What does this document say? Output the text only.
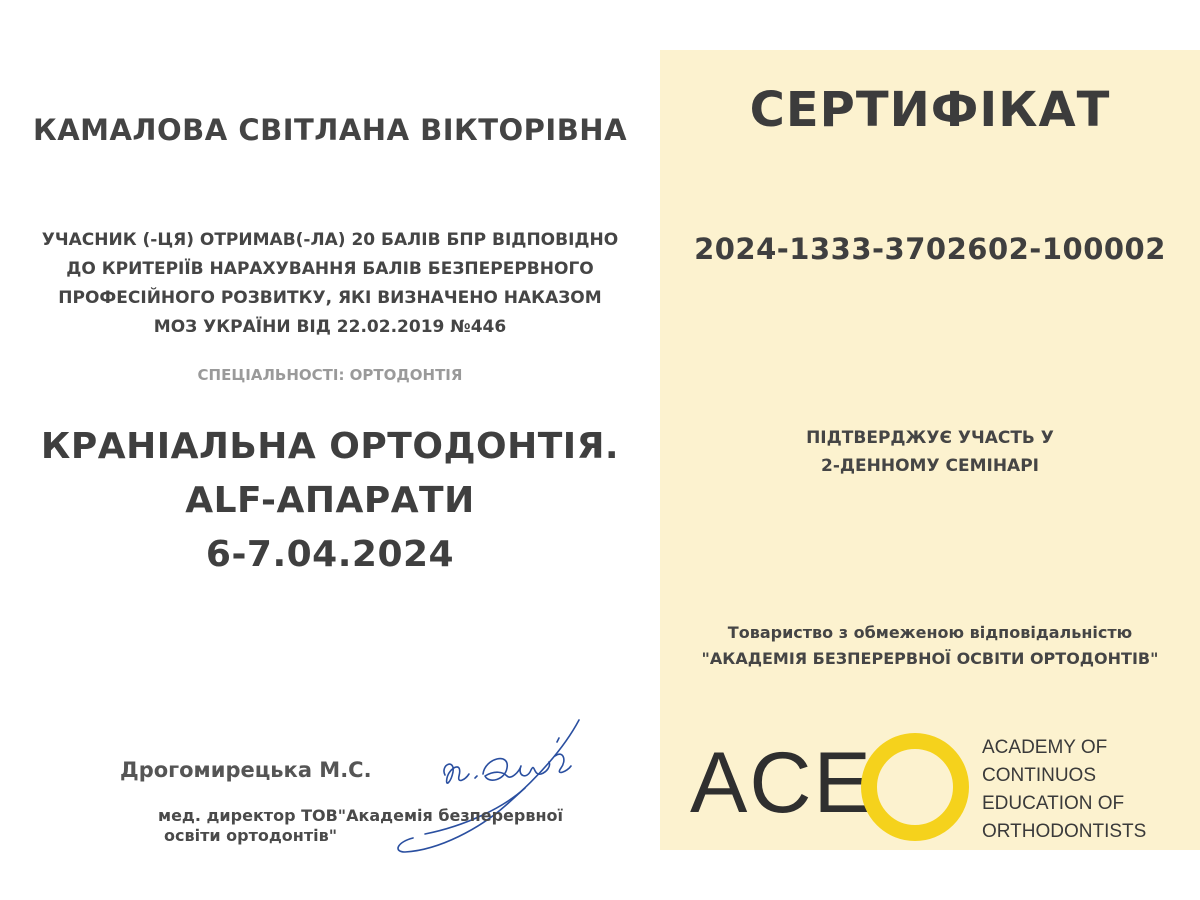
КАМАЛОВА СВІТЛАНА ВІКТОРІВНА
УЧАСНИК (-ЦЯ) ОТРИМАВ(-ЛА) 20 БАЛІВ БПР ВІДПОВІДНО
ДО КРИТЕРІЇВ НАРАХУВАННЯ БАЛІВ БЕЗПЕРЕРВНОГО
ПРОФЕСІЙНОГО РОЗВИТКУ, ЯКІ ВИЗНАЧЕНО НАКАЗОМ
МОЗ УКРАЇНИ ВІД 22.02.2019 №446
СПЕЦІАЛЬНОСТІ: ОРТОДОНТІЯ
КРАНІАЛЬНА ОРТОДОНТІЯ.
ALF-АПАРАТИ
6-7.04.2024
Дрогомирецька М.С.
мед. директор ТОВ"Академія безперервної
освіти ортодонтів"
СЕРТИФІКАТ
2024-1333-3702602-100002
ПІДТВЕРДЖУЄ УЧАСТЬ У
2-ДЕННОМУ СЕМІНАРІ
Товариство з обмеженою відповідальністю
"АКАДЕМІЯ БЕЗПЕРЕРВНОЇ ОСВІТИ ОРТОДОНТІВ"
ACE	ACADEMY OF
CONTINUOS
EDUCATION OF
ORTHODONTISTS
